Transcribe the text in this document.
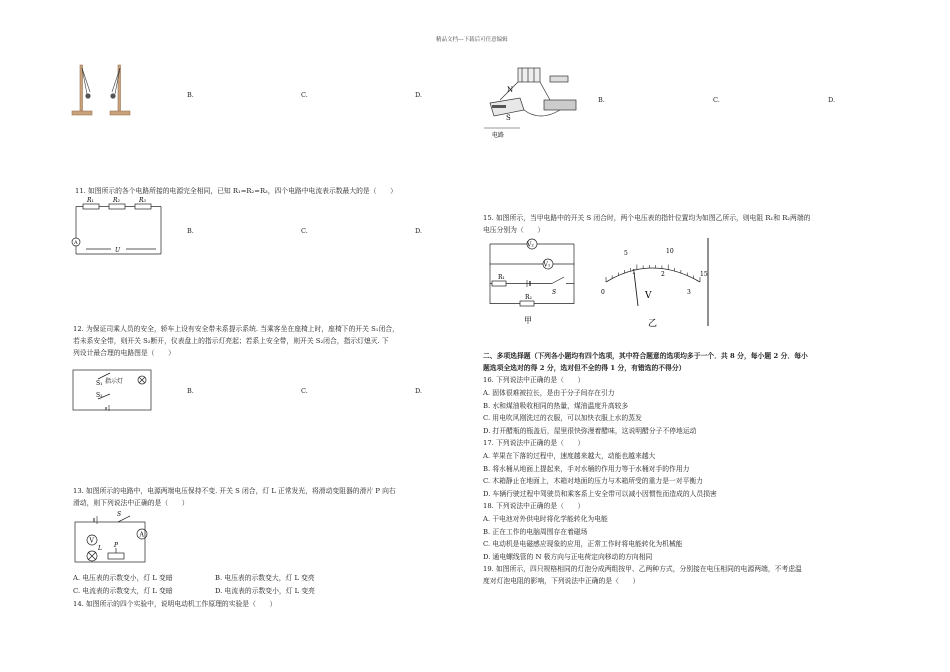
精品文档---下载后可任意编辑
B.	C.	D.
11. 如图所示的各个电路所接的电源完全相同，已知 R₁=R₂=R₃，四个电路中电流表示数最大的是（　　）
R₁	R₂	R₃
A
U
B.	C.	D.
12. 为保证司乘人员的安全，轿车上设有安全带未系提示系统. 当乘客坐在座椅上时，座椅下的开关 S₁闭合，
若未系安全带，则开关 S₂断开，仪表盘上的指示灯亮起；若系上安全带，则开关 S₂闭合，指示灯熄灭. 下
列设计最合理的电路图是（　　）
S₁ 指示灯
S₂
B.	C.	D.
13. 如图所示的电路中，电源两端电压保持不变. 开关 S 闭合，灯 L 正常发光，将滑动变阻器的滑片 P 向右
滑动，则下列说法中正确的是（　　）
S
A
V
P
L
A. 电压表的示数变小，灯 L 变暗	B. 电压表的示数变大，灯 L 变亮
C. 电流表的示数变大，灯 L 变暗	D. 电流表的示数变小，灯 L 变亮
14. 如图所示的四个实验中，说明电动机工作原理的实验是（　　）
N
S
电路
B.	C.	D.
15. 如图所示，当甲电路中的开关 S 闭合时，两个电压表的指针位置均为如图乙所示，则电阻 R₁和 R₂两端的
电压分别为（　　）
V₂
V₁
R₁
R₂
S
甲
5	10
15
0
1	2
3
V
乙
二、多项选择题（下列各小题均有四个选项，其中符合题意的选项均多于一个．共 8 分，每小题 2 分．每小
题选项全选对的得 2 分，选对但不全的得 1 分，有错选的不得分）
16. 下列说法中正确的是（　　）
A. 固体很难被拉长，是由于分子间存在引力
B. 水和煤油吸收相同的热量，煤油温度升高较多
C. 用电吹风刚洗过的衣服，可以加快衣服上水的蒸发
D. 打开醋瓶的瓶盖后，屋里很快弥漫着醋味，这说明醋分子不停地运动
17. 下列说法中正确的是（　　）
A. 苹果在下落的过程中，速度越来越大，动能也越来越大
B. 将水桶从地面上提起来，手对水桶的作用力等于水桶对手的作用力
C. 木箱静止在地面上，木箱对地面的压力与木箱所受的重力是一对平衡力
D. 车辆行驶过程中驾驶员和乘客系上安全带可以减小因惯性而造成的人员损害
18. 下列说法中正确的是（　　）
A. 干电池对外供电时将化学能转化为电能
B. 正在工作的电脑周围存在着磁场
C. 电动机是电磁感应现象的应用，正常工作时将电能转化为机械能
D. 通电螺线管的 N 极方向与正电荷定向移动的方向相同
19. 如图所示，四只规格相同的灯泡分成两组按甲、乙两种方式，分别接在电压相同的电源两端，不考虑温
度对灯泡电阻的影响，下列说法中正确的是（　　）
